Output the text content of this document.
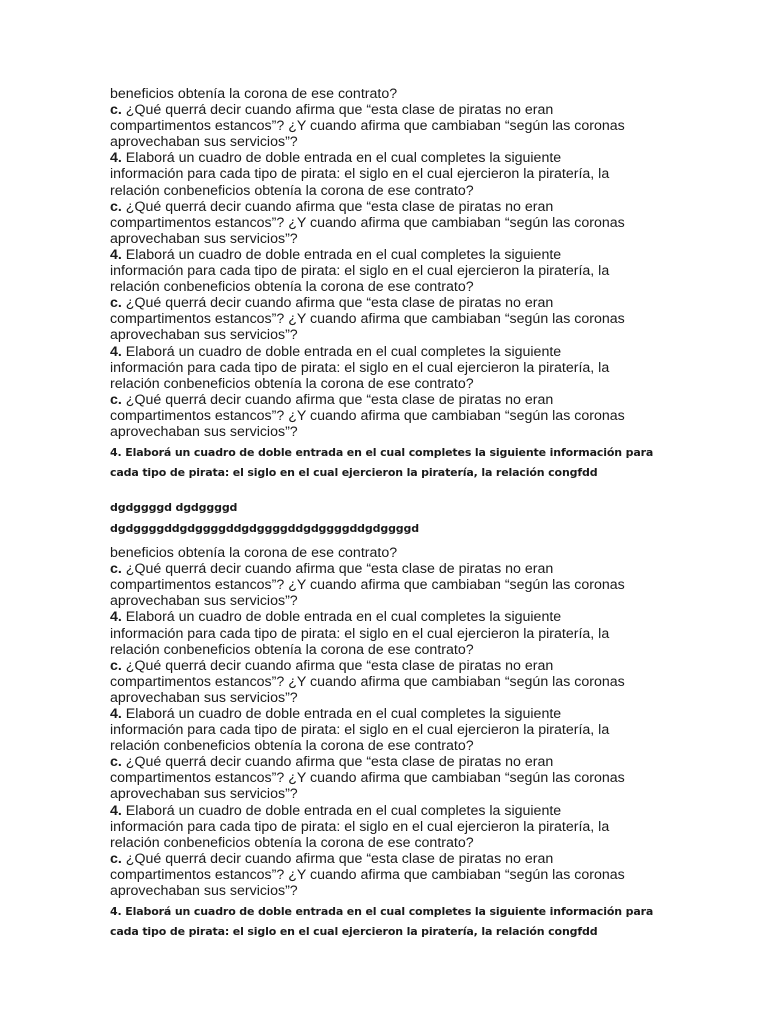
beneficios obtenía la corona de ese contrato?
c. ¿Qué querrá decir cuando afirma que “esta clase de piratas no eran
compartimentos estancos”? ¿Y cuando afirma que cambiaban “según las coronas
aprovechaban sus servicios”?
4. Elaborá un cuadro de doble entrada en el cual completes la siguiente
información para cada tipo de pirata: el siglo en el cual ejercieron la piratería, la
relación conbeneficios obtenía la corona de ese contrato?
c. ¿Qué querrá decir cuando afirma que “esta clase de piratas no eran
compartimentos estancos”? ¿Y cuando afirma que cambiaban “según las coronas
aprovechaban sus servicios”?
4. Elaborá un cuadro de doble entrada en el cual completes la siguiente
información para cada tipo de pirata: el siglo en el cual ejercieron la piratería, la
relación conbeneficios obtenía la corona de ese contrato?
c. ¿Qué querrá decir cuando afirma que “esta clase de piratas no eran
compartimentos estancos”? ¿Y cuando afirma que cambiaban “según las coronas
aprovechaban sus servicios”?
4. Elaborá un cuadro de doble entrada en el cual completes la siguiente
información para cada tipo de pirata: el siglo en el cual ejercieron la piratería, la
relación conbeneficios obtenía la corona de ese contrato?
c. ¿Qué querrá decir cuando afirma que “esta clase de piratas no eran
compartimentos estancos”? ¿Y cuando afirma que cambiaban “según las coronas
aprovechaban sus servicios”?
4. Elaborá un cuadro de doble entrada en el cual completes la siguiente información para
cada tipo de pirata: el siglo en el cual ejercieron la piratería, la relación congfdd
dgdggggd dgdggggd
dgdggggddgdggggddgdggggddgdggggddgdggggd
beneficios obtenía la corona de ese contrato?
c. ¿Qué querrá decir cuando afirma que “esta clase de piratas no eran
compartimentos estancos”? ¿Y cuando afirma que cambiaban “según las coronas
aprovechaban sus servicios”?
4. Elaborá un cuadro de doble entrada en el cual completes la siguiente
información para cada tipo de pirata: el siglo en el cual ejercieron la piratería, la
relación conbeneficios obtenía la corona de ese contrato?
c. ¿Qué querrá decir cuando afirma que “esta clase de piratas no eran
compartimentos estancos”? ¿Y cuando afirma que cambiaban “según las coronas
aprovechaban sus servicios”?
4. Elaborá un cuadro de doble entrada en el cual completes la siguiente
información para cada tipo de pirata: el siglo en el cual ejercieron la piratería, la
relación conbeneficios obtenía la corona de ese contrato?
c. ¿Qué querrá decir cuando afirma que “esta clase de piratas no eran
compartimentos estancos”? ¿Y cuando afirma que cambiaban “según las coronas
aprovechaban sus servicios”?
4. Elaborá un cuadro de doble entrada en el cual completes la siguiente
información para cada tipo de pirata: el siglo en el cual ejercieron la piratería, la
relación conbeneficios obtenía la corona de ese contrato?
c. ¿Qué querrá decir cuando afirma que “esta clase de piratas no eran
compartimentos estancos”? ¿Y cuando afirma que cambiaban “según las coronas
aprovechaban sus servicios”?
4. Elaborá un cuadro de doble entrada en el cual completes la siguiente información para
cada tipo de pirata: el siglo en el cual ejercieron la piratería, la relación congfdd
